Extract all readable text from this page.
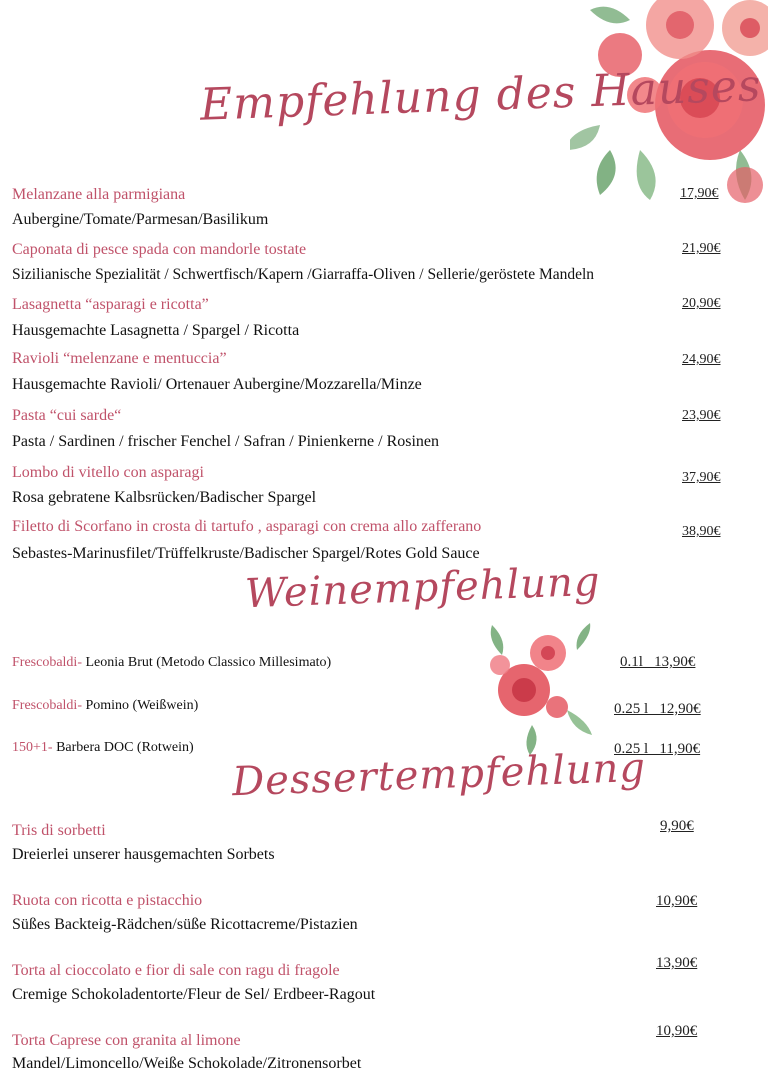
Empfehlung des Hauses
Melanzane alla parmigiana
Aubergine/Tomate/Parmesan/Basilikum
17,90€
Caponata di pesce spada con mandorle tostate
Sizilianische Spezialität / Schwertfisch/Kapern /Giarraffa-Oliven / Sellerie/geröstete Mandeln
21,90€
Lasagnetta “asparagi e ricotta”
Hausgemachte Lasagnetta / Spargel / Ricotta
20,90€
Ravioli “melenzane e mentuccia”
Hausgemachte Ravioli/ Ortenauer Aubergine/Mozzarella/Minze
24,90€
Pasta “cui sarde“
Pasta / Sardinen / frischer Fenchel / Safran / Pinienkerne / Rosinen
23,90€
Lombo di vitello con asparagi
Rosa gebratene Kalbsrücken/Badischer Spargel
37,90€
Filetto di Scorfano in crosta di tartufo , asparagi con crema allo zafferano
Sebastes-Marinusfilet/Trüffelkruste/Badischer Spargel/Rotes Gold Sauce
38,90€
Weinempfehlung
Frescobaldi- Leonia Brut (Metodo Classico Millesimato)	0.1l   13,90€
Frescobaldi- Pomino (Weißwein)	0.25 l   12,90€
150+1- Barbera DOC (Rotwein)	0.25 l   11,90€
Dessertempfehlung
Tris di sorbetti
Dreierlei unserer hausgemachten Sorbets
9,90€
Ruota con ricotta e pistacchio
Süßes Backteig-Rädchen/süße Ricottacreme/Pistazien
10,90€
Torta al cioccolato e fior di sale con ragu di fragole
Cremige Schokoladentorte/Fleur de Sel/ Erdbeer-Ragout
13,90€
Torta Caprese con granita al limone
Mandel/Limoncello/Weiße Schokolade/Zitronensorbet
10,90€
